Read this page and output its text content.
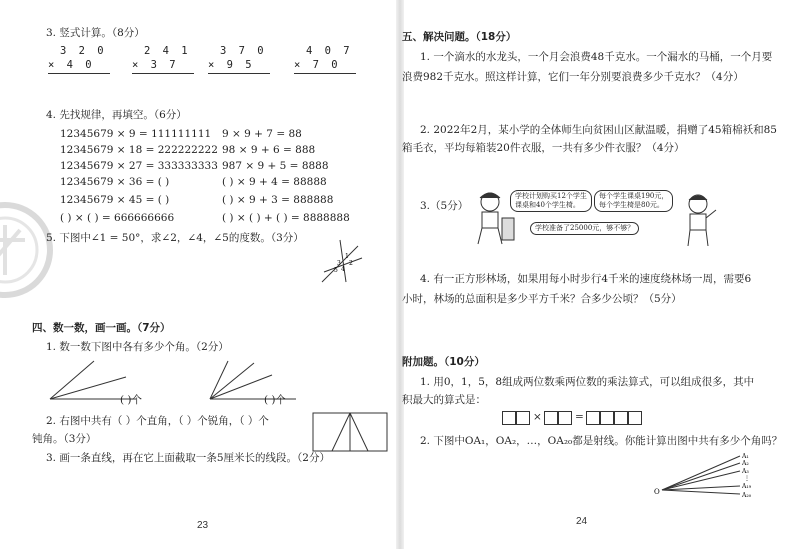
3. 竖式计算。（8分）
3 2 0
× 4 0
2 4 1
× 3 7
3 7 0
× 9 5
4 0 7
× 7 0
4. 先找规律，再填空。（6分）
12345679 × 9 = 111111111
12345679 × 18 = 222222222
12345679 × 27 = 333333333
12345679 × 36 = ( )
12345679 × 45 = ( )
( ) × ( ) = 666666666
9 × 9 + 7 = 88
98 × 9 + 6 = 888
987 × 9 + 5 = 8888
( ) × 9 + 4 = 88888
( ) × 9 + 3 = 888888
( ) × ( ) + ( ) = 8888888
5. 下图中∠1 = 50°，求∠2，∠4，∠5的度数。（3分）
1
2
3
4
5
四、数一数，画一画。（7分）
1. 数一数下图中各有多少个角。（2分）
( )个	( )个
2. 右图中共有（ ）个直角，（ ）个锐角，（ ）个
钝角。（3分）
3. 画一条直线，再在它上面截取一条5厘米长的线段。（2分）
23
五、解决问题。（18分）
1. 一个滴水的水龙头，一个月会浪费48千克水。一个漏水的马桶，一个月要
浪费982千克水。照这样计算，它们一年分别要浪费多少千克水？（4分）
2. 2022年2月，某小学的全体师生向贫困山区献温暖，捐赠了45箱棉袄和85
箱毛衣，平均每箱装20件衣服，一共有多少件衣服？（4分）
3.（5分）
学校计划购买12个学生
课桌和40个学生椅。
每个学生课桌190元，
每个学生椅是80元。
学校准备了25000元，够不够？
4. 有一正方形林场，如果用每小时步行4千米的速度绕林场一周，需要6
小时，林场的总面积是多少平方千米？合多少公顷？（5分）
附加题。（10分）
1. 用0，1，5，8组成两位数乘两位数的乘法算式，可以组成很多，其中
积最大的算式是：
×	=
2. 下图中OA₁，OA₂，…，OA₂₀都是射线。你能计算出图中共有多少个角吗？
O
A₁
A₂
A₃
⋮
A₁₉
A₂₀
24
